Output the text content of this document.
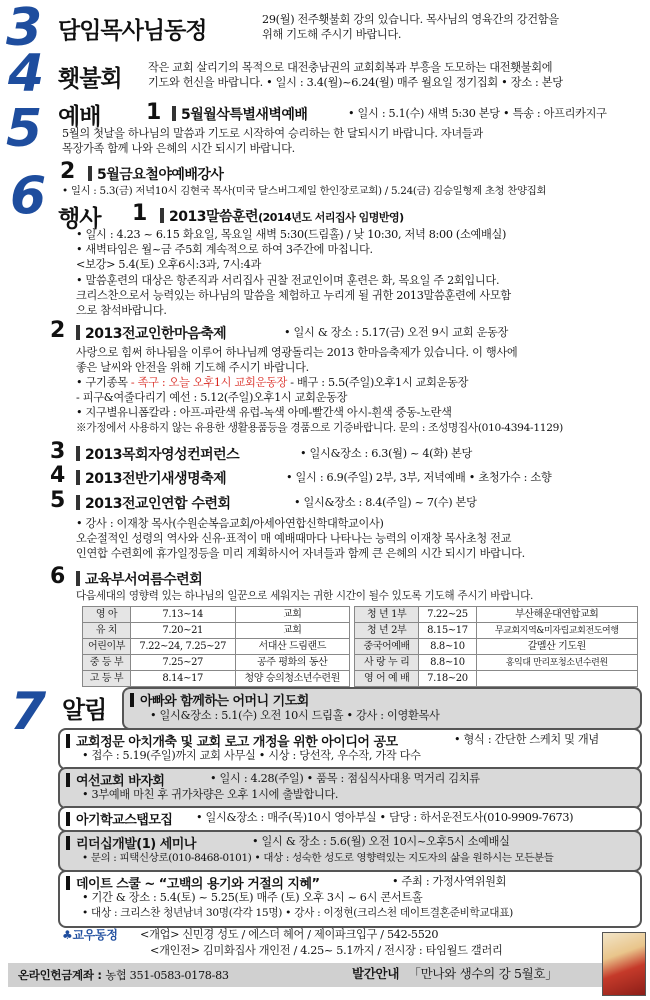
3
4
5
6
7
담임목사님동정	29(월) 전주횃불회 강의 있습니다. 목사님의 영육간의 강건함을
위해 기도해 주시기 바랍니다.
횃불회 작은 교회 살리기의 목적으로 대전충남권의 교회회복과 부흥을 도모하는 대전횃불회에
기도와 헌신을 바랍니다. • 일시 : 3.4(월)~6.24(월) 매주 월요일 정기집회 • 장소 : 본당
예배 1	5월월삭특별새벽예배	• 일시 : 5.1(수) 새벽 5:30 본당 • 특송 : 아프리카지구
5월의 첫날을 하나님의 말씀과 기도로 시작하여 승리하는 한 달되시기 바랍니다. 자녀들과
목장가족 함께 나와 은혜의 시간 되시기 바랍니다.
2	5월금요철야예배강사
• 일시 : 5.3(금) 저녁10시 김현국 목사(미국 달스버그제일 한인장로교회) / 5.24(금) 김승일형제 초청 찬양집회
행사 1	2013말씀훈련(2014년도 서리집사 임명반영)
• 일시 : 4.23 ~ 6.15 화요일, 목요일 새벽 5:30(드림홀) / 낮 10:30, 저녁 8:00 (소예배실)
• 새벽타임은 월~금 주5회 계속적으로 하여 3주간에 마칩니다.
<보강> 5.4(토) 오후6시:3과, 7시:4과
• 말씀훈련의 대상은 항존직과 서리집사 권찰 전교인이며 훈련은 화, 목요일 주 2회입니다.
크리스찬으로서 능력있는 하나님의 말씀을 체험하고 누리게 될 귀한 2013말씀훈련에 사모함
으로 참석바랍니다.
2	2013전교인한마음축제	• 일시 & 장소 : 5.17(금) 오전 9시 교회 운동장
사랑으로 힘써 하나됨을 이루어 하나님께 영광돌리는 2013 한마음축제가 있습니다. 이 행사에
좋은 날씨와 안전을 위해 기도해 주시기 바랍니다.
• 구기종목 - 족구 : 오늘 오후1시 교회운동장 - 배구 : 5.5(주일)오후1시 교회운동장
- 피구&여줄다리기 예선 : 5.12(주일)오후1시 교회운동장
• 지구별유니폼칼라 : 아프-파란색 유럽-녹색 아메-빨간색 아시-흰색 중동-노란색
※가정에서 사용하지 않는 유용한 생활용품등을 경품으로 기증바랍니다. 문의 : 조성명집사(010-4394-1129)
3	2013목회자영성컨퍼런스	• 일시&장소 : 6.3(월) ~ 4(화) 본당
4	2013전반기새생명축제	• 일시 : 6.9(주일) 2부, 3부, 저녁예배 • 초청가수 : 소향
5	2013전교인연합 수련회	• 일시&장소 : 8.4(주일) ~ 7(수) 본당
• 강사 : 이재창 목사(수원순복음교회/아세아연합신학대학교이사)
오순절적인 성령의 역사와 신유·표적이 매 예배때마다 나타나는 능력의 이재창 목사초청 전교
인연합 수련회에 휴가일정등을 미리 계획하시어 자녀들과 함께 큰 은혜의 시간 되시기 바랍니다.
6	교육부서여름수련회
다음세대의 영향력 있는 하나님의 일꾼으로 세워지는 귀한 시간이 될수 있도록 기도해 주시기 바랍니다.
영 아	7.13~14	교회
유 치	7.20~21	교회
어린이부	7.22~24, 7.25~27	서대산 드림랜드
중 등 부	7.25~27	공주 평화의 동산
고 등 부	8.14~17	청양 승의청소년수련원
청 년 1부	7.22~25	부산해운대연합교회
청 년 2부	8.15~17	무교회지역&미자립교회전도여행
중국어예배	8.8~10	갈멜산 기도원
사 랑 누 리	8.8~10	홍익대 만리포청소년수련원
영 어 예 배	7.18~20	
알림	아빠와 함께하는 어머니 기도회
• 일시&장소 : 5.1(수) 오전 10시 드림홀 • 강사 : 이영환목사
교회정문 아치개축 및 교회 로고 개정을 위한 아이디어 공모	• 형식 : 간단한 스케치 및 개념
• 접수 : 5.19(주일)까지 교회 사무실 • 시상 : 당선작, 우수작, 가작 다수
여선교회 바자회	• 일시 : 4.28(주일) • 품목 : 점심식사대용 먹거리 김치류
• 3부예배 마친 후 귀가차량은 오후 1시에 출발합니다.
아기학교스탭모집 • 일시&장소 : 매주(목)10시 영아부실 • 담당 : 하서운전도사(010-9909-7673)
리더십개발(1) 세미나	• 일시 & 장소 : 5.6(월) 오전 10시~오후5시 소예배실
• 문의 : 피택신상로(010-8468-0101) • 대상 : 성숙한 성도로 영향력있는 지도자의 삶을 원하시는 모든분들
데이트 스쿨 ~ “고백의 용기와 거절의 지혜”	• 주최 : 가정사역위원회
• 기간 & 장소 : 5.4(토) ~ 5.25(토) 매주 (토) 오후 3시 ~ 6시 콘서트홀
• 대상 : 크리스찬 청년남녀 30명(각각 15명) • 강사 : 이정현(크리스천 데이트결혼준비학교대표)
♣교우동정 <개업> 신민경 성도 / 에스더 헤어 / 제이파크입구 / 542-5520
<개인전> 김미화집사 개인전 / 4.25~ 5.1까지 / 전시장 : 타임월드 갤러리
온라인헌금계좌 : 농협 351-0583-0178-83	발간안내 「만나와 생수의 강 5월호」
